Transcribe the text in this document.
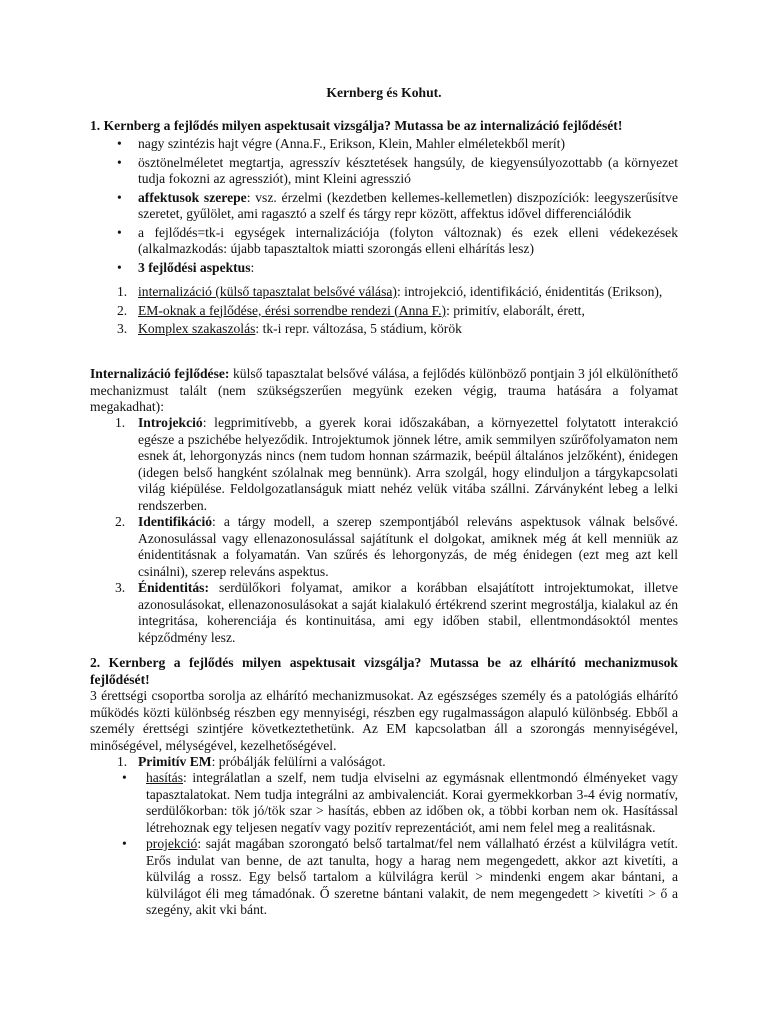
Kernberg és Kohut.
1. Kernberg a fejlődés milyen aspektusait vizsgálja? Mutassa be az internalizáció fejlődését!
•	nagy szintézis hajt végre (Anna.F., Erikson, Klein, Mahler elméletekből merít)
•	ösztönelméletet megtartja, agresszív késztetések hangsúly, de kiegyensúlyozottabb (a környezet tudja fokozni az agressziót), mint Kleini agresszió
•	affektusok szerepe: vsz. érzelmi (kezdetben kellemes-kellemetlen) diszpozíciók: leegyszerűsítve szeretet, gyűlölet, ami ragasztó a szelf és tárgy repr között, affektus idővel differenciálódik
•	a fejlődés=tk-i egységek internalizációja (folyton változnak) és ezek elleni védekezések (alkalmazkodás: újabb tapasztaltok miatti szorongás elleni elhárítás lesz)
•	3 fejlődési aspektus:
1. internalizáció (külső tapasztalat belsővé válása): introjekció, identifikáció, énidentitás (Erikson),
2. EM-oknak a fejlődése, érési sorrendbe rendezi (Anna F.): primitív, elaborált, érett,
3. Komplex szakaszolás: tk-i repr. változása, 5 stádium, körök
Internalizáció fejlődése: külső tapasztalat belsővé válása, a fejlődés különböző pontjain 3 jól elkülöníthető mechanizmust talált (nem szükségszerűen megyünk ezeken végig, trauma hatására a folyamat megakadhat):
1. Introjekció: legprimitívebb, a gyerek korai időszakában, a környezettel folytatott interakció egésze a pszichébe helyeződik. Introjektumok jönnek létre, amik semmilyen szűrőfolyamaton nem esnek át, lehorgonyzás nincs (nem tudom honnan származik, beépül általános jelzőként), énidegen (idegen belső hangként szólalnak meg bennünk). Arra szolgál, hogy elinduljon a tárgykapcsolati világ kiépülése. Feldolgozatlanságuk miatt nehéz velük vitába szállni. Zárványként lebeg a lelki rendszerben.
2. Identifikáció: a tárgy modell, a szerep szempontjából releváns aspektusok válnak belsővé. Azonosulással vagy ellenazonosulással sajátítunk el dolgokat, amiknek még át kell menniük az énidentitásnak a folyamatán. Van szűrés és lehorgonyzás, de még énidegen (ezt meg azt kell csinálni), szerep releváns aspektus.
3. Énidentitás: serdülőkori folyamat, amikor a korábban elsajátított introjektumokat, illetve azonosulásokat, ellenazonosulásokat a saját kialakuló értékrend szerint megrostálja, kialakul az én integritása, koherenciája és kontinuitása, ami egy időben stabil, ellentmondásoktól mentes képződmény lesz.
2. Kernberg a fejlődés milyen aspektusait vizsgálja? Mutassa be az elhárító mechanizmusok fejlődését!
3 érettségi csoportba sorolja az elhárító mechanizmusokat. Az egészséges személy és a patológiás elhárító működés közti különbség részben egy mennyiségi, részben egy rugalmasságon alapuló különbség. Ebből a személy érettségi szintjére következtethetünk. Az EM kapcsolatban áll a szorongás mennyiségével, minőségével, mélységével, kezelhetőségével.
1. Primitív EM: próbálják felülírni a valóságot.
• hasítás: integrálatlan a szelf, nem tudja elviselni az egymásnak ellentmondó élményeket vagy tapasztalatokat. Nem tudja integrálni az ambivalenciát. Korai gyermekkorban 3-4 évig normatív, serdülőkorban: tök jó/tök szar > hasítás, ebben az időben ok, a többi korban nem ok. Hasítással létrehoznak egy teljesen negatív vagy pozitív reprezentációt, ami nem felel meg a realitásnak.
• projekció: saját magában szorongató belső tartalmat/fel nem vállalható érzést a külvilágra vetít. Erős indulat van benne, de azt tanulta, hogy a harag nem megengedett, akkor azt kivetíti, a külvilág a rossz. Egy belső tartalom a külvilágra kerül > mindenki engem akar bántani, a külvilágot éli meg támadónak. Ő szeretne bántani valakit, de nem megengedett > kivetíti > ő a szegény, akit vki bánt.
